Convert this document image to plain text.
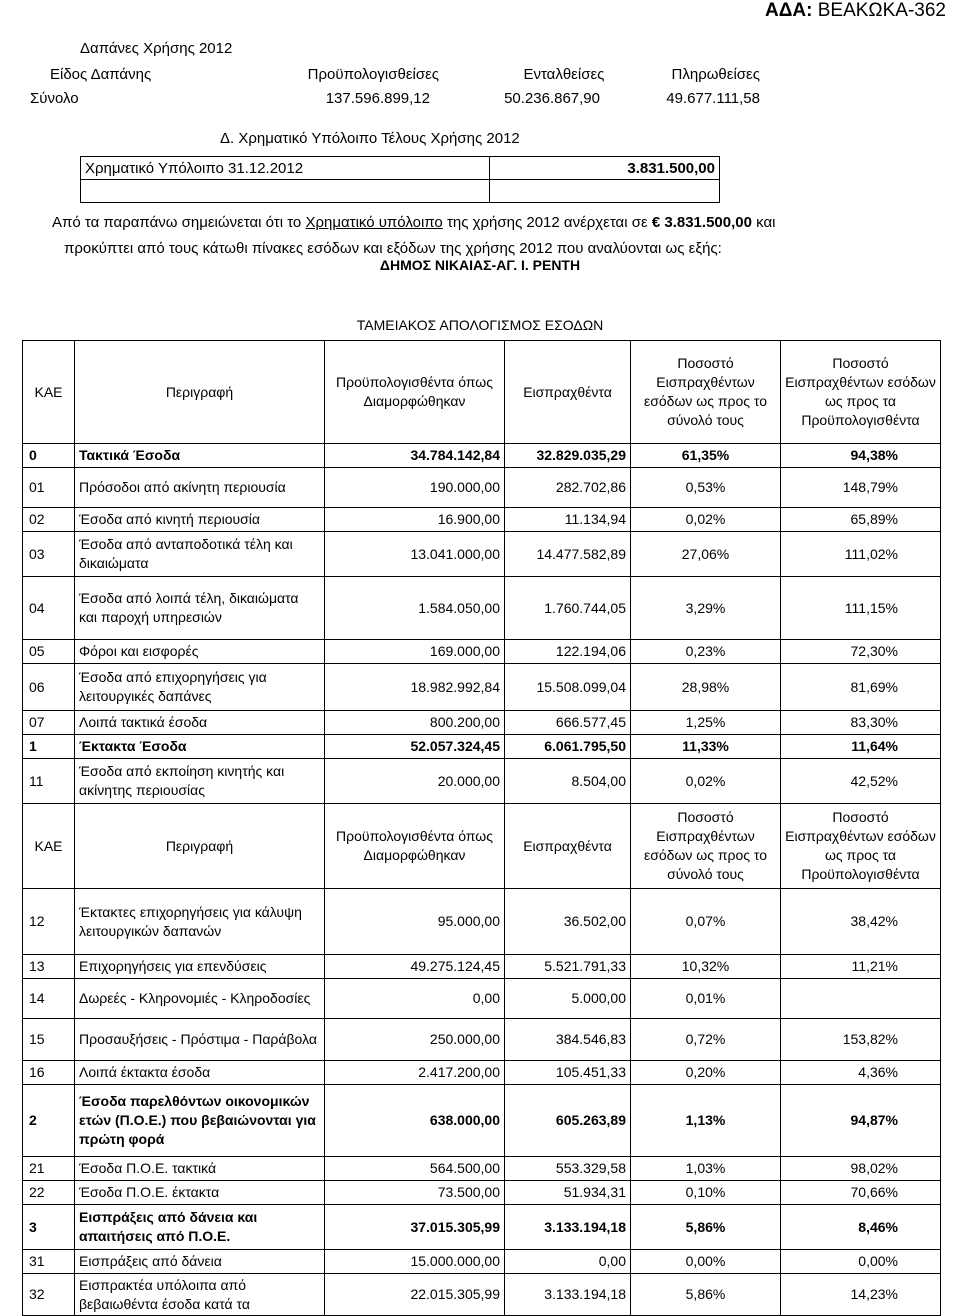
ΑΔΑ: ΒΕΑΚΩΚΑ-362
Δαπάνες Χρήσης 2012
Είδος Δαπάνης	Προϋπολογισθείσες	Ενταλθείσες	Πληρωθείσες
Σύνολο	137.596.899,12	50.236.867,90	49.677.111,58
Δ. Χρηματικό Υπόλοιπο Τέλους Χρήσης 2012
Χρηματικό Υπόλοιπο 31.12.2012	3.831.500,00

Από τα παραπάνω σημειώνεται ότι το Χρηματικό υπόλοιπο της χρήσης 2012 ανέρχεται σε € 3.831.500,00 και
προκύπτει από τους κάτωθι πίνακες εσόδων και εξόδων της χρήσης 2012 που αναλύονται ως εξής:
ΔΗΜΟΣ ΝΙΚΑΙΑΣ-ΑΓ. Ι. ΡΕΝΤΗ
ΤΑΜΕΙΑΚΟΣ ΑΠΟΛΟΓΙΣΜΟΣ ΕΣΟΔΩΝ
ΚΑΕ	Περιγραφή	Προϋπολογισθέντα όπως Διαμορφώθηκαν	Εισπραχθέντα	Ποσοστό Εισπραχθέντων εσόδων ως προς το σύνολό τους	Ποσοστό Εισπραχθέντων εσόδων ως προς τα Προϋπολογισθέντα
0	Τακτικά Έσοδα	34.784.142,84	32.829.035,29	61,35%	94,38%
01	Πρόσοδοι από ακίνητη περιουσία	190.000,00	282.702,86	0,53%	148,79%
02	Έσοδα από κινητή περιουσία	16.900,00	11.134,94	0,02%	65,89%
03	Έσοδα από ανταποδοτικά τέλη και δικαιώματα	13.041.000,00	14.477.582,89	27,06%	111,02%
04	Έσοδα από λοιπά τέλη, δικαιώματα και παροχή υπηρεσιών	1.584.050,00	1.760.744,05	3,29%	111,15%
05	Φόροι και εισφορές	169.000,00	122.194,06	0,23%	72,30%
06	Έσοδα από επιχορηγήσεις για λειτουργικές δαπάνες	18.982.992,84	15.508.099,04	28,98%	81,69%
07	Λοιπά τακτικά έσοδα	800.200,00	666.577,45	1,25%	83,30%
1	Έκτακτα Έσοδα	52.057.324,45	6.061.795,50	11,33%	11,64%
11	Έσοδα από εκποίηση κινητής και ακίνητης περιουσίας	20.000,00	8.504,00	0,02%	42,52%
ΚΑΕ	Περιγραφή	Προϋπολογισθέντα όπως Διαμορφώθηκαν	Εισπραχθέντα	Ποσοστό Εισπραχθέντων εσόδων ως προς το σύνολό τους	Ποσοστό Εισπραχθέντων εσόδων ως προς τα Προϋπολογισθέντα
12	Έκτακτες επιχορηγήσεις για κάλυψη λειτουργικών δαπανών	95.000,00	36.502,00	0,07%	38,42%
13	Επιχορηγήσεις για επενδύσεις	49.275.124,45	5.521.791,33	10,32%	11,21%
14	Δωρεές - Κληρονομιές - Κληροδοσίες	0,00	5.000,00	0,01%	
15	Προσαυξήσεις - Πρόστιμα - Παράβολα	250.000,00	384.546,83	0,72%	153,82%
16	Λοιπά έκτακτα έσοδα	2.417.200,00	105.451,33	0,20%	4,36%
2	Έσοδα παρελθόντων οικονομικών ετών (Π.Ο.Ε.) που βεβαιώνονται για πρώτη φορά	638.000,00	605.263,89	1,13%	94,87%
21	Έσοδα Π.Ο.Ε. τακτικά	564.500,00	553.329,58	1,03%	98,02%
22	Έσοδα Π.Ο.Ε. έκτακτα	73.500,00	51.934,31	0,10%	70,66%
3	Εισπράξεις από δάνεια και απαιτήσεις από Π.Ο.Ε.	37.015.305,99	3.133.194,18	5,86%	8,46%
31	Εισπράξεις από δάνεια	15.000.000,00	0,00	0,00%	0,00%
32	Εισπρακτέα υπόλοιπα από βεβαιωθέντα έσοδα κατά τα	22.015.305,99	3.133.194,18	5,86%	14,23%
